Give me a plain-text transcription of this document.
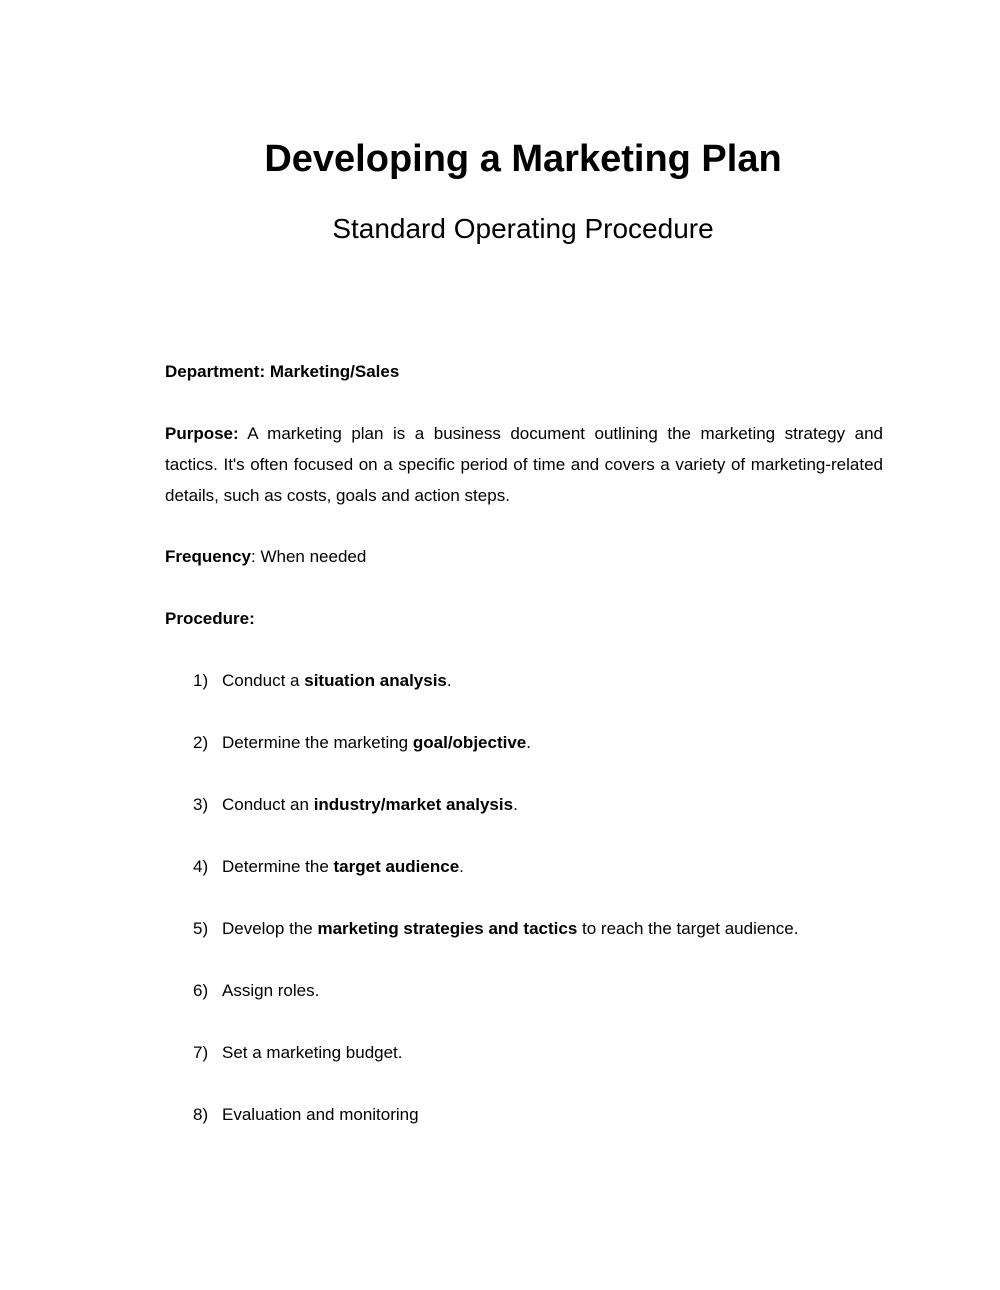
Developing a Marketing Plan
Standard Operating Procedure
Department: Marketing/Sales
Purpose: A marketing plan is a business document outlining the marketing strategy and tactics. It's often focused on a specific period of time and covers a variety of marketing-related details, such as costs, goals and action steps.
Frequency: When needed
Procedure:
1) Conduct a situation analysis.
2) Determine the marketing goal/objective.
3) Conduct an industry/market analysis.
4) Determine the target audience.
5) Develop the marketing strategies and tactics to reach the target audience.
6) Assign roles.
7) Set a marketing budget.
8) Evaluation and monitoring
